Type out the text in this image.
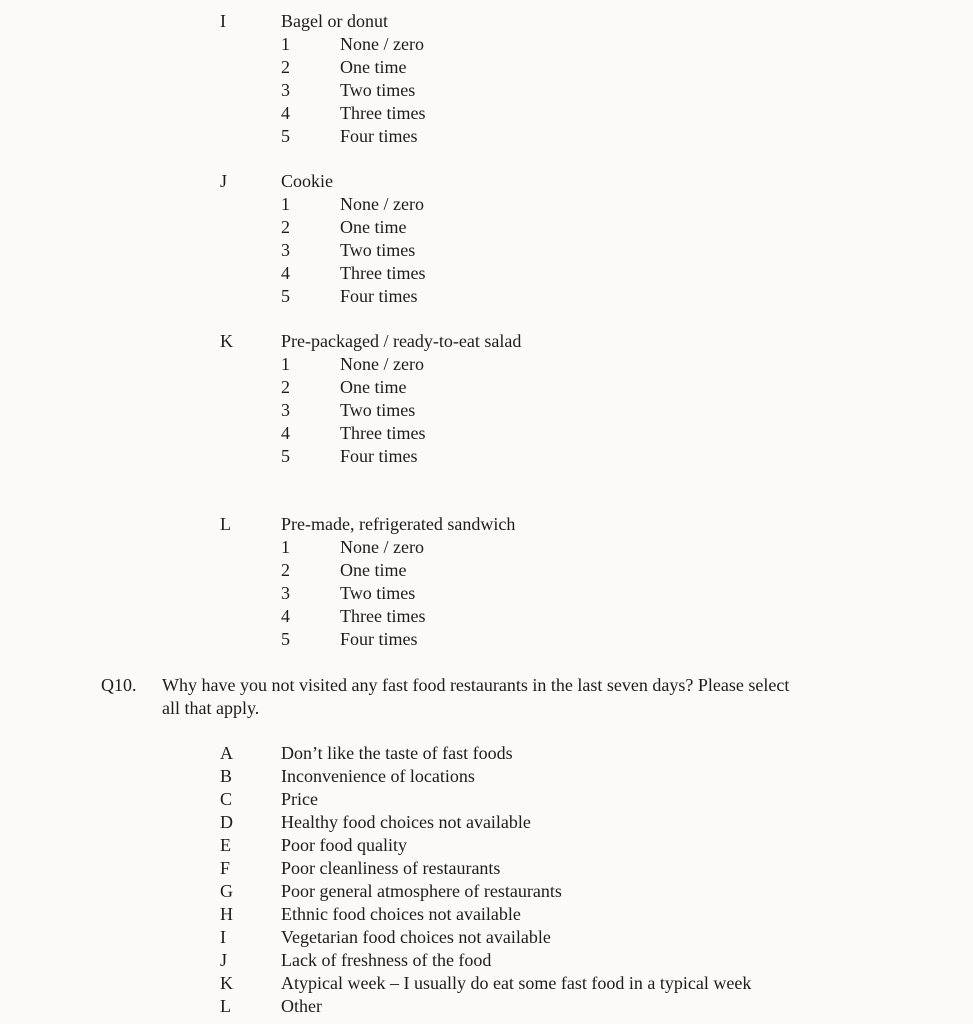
I	Bagel or donut
1	None / zero
2	One time
3	Two times
4	Three times
5	Four times
J	Cookie
1	None / zero
2	One time
3	Two times
4	Three times
5	Four times
K	Pre-packaged / ready-to-eat salad
1	None / zero
2	One time
3	Two times
4	Three times
5	Four times
L	Pre-made, refrigerated sandwich
1	None / zero
2	One time
3	Two times
4	Three times
5	Four times
Q10. Why have you not visited any fast food restaurants in the last seven days? Please select
all that apply.
A	Don’t like the taste of fast foods
B	Inconvenience of locations
C	Price
D	Healthy food choices not available
E	Poor food quality
F	Poor cleanliness of restaurants
G	Poor general atmosphere of restaurants
H	Ethnic food choices not available
I	Vegetarian food choices not available
J	Lack of freshness of the food
K	Atypical week – I usually do eat some fast food in a typical week
L	Other
